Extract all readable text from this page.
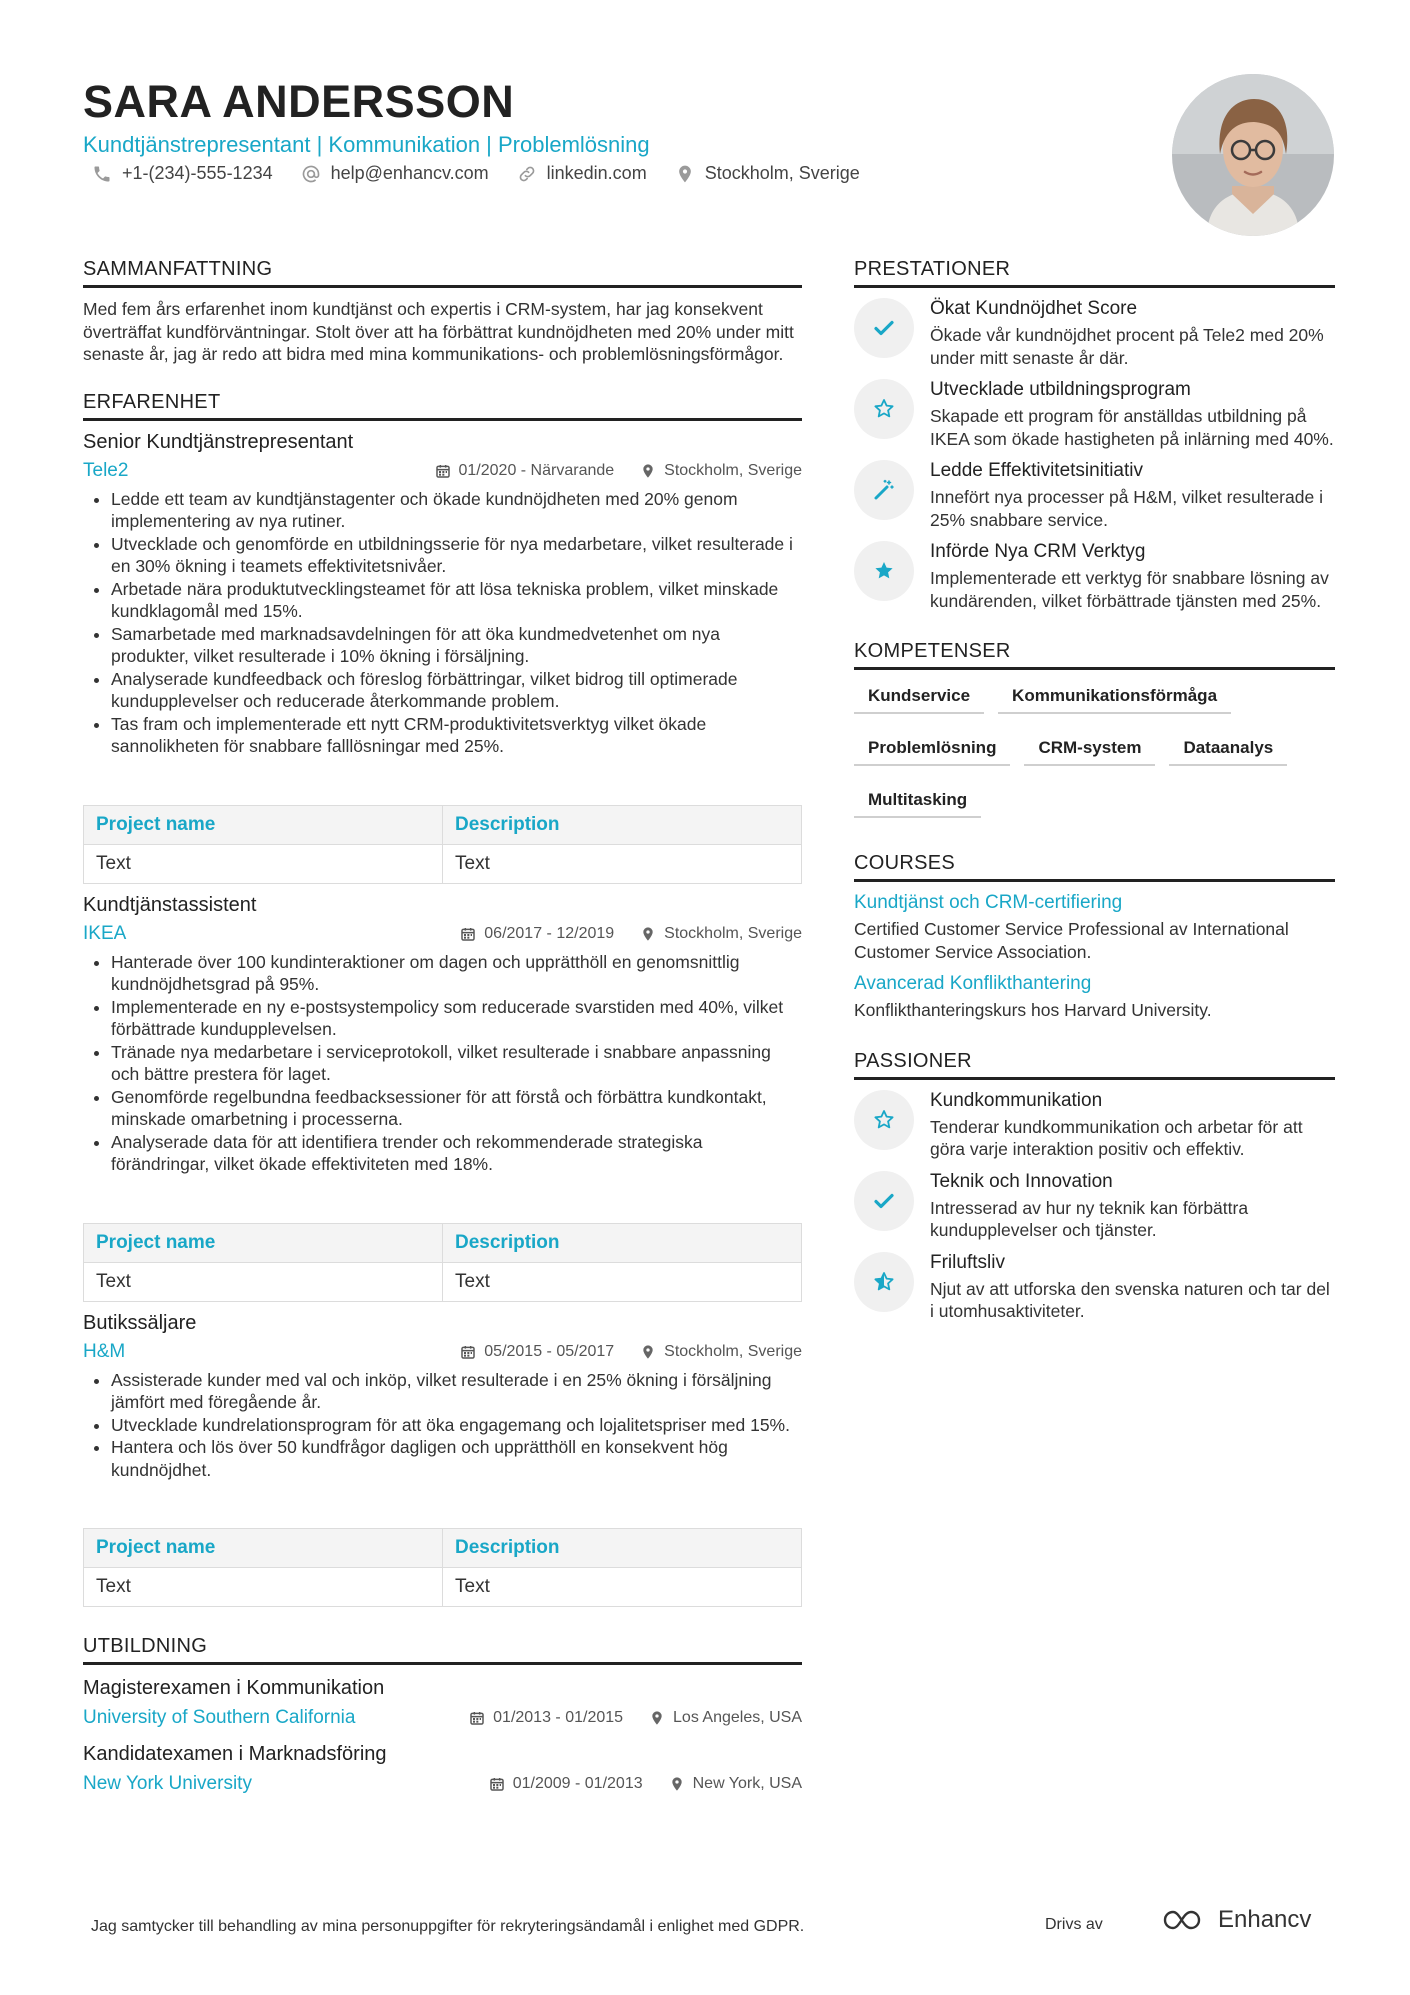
SARA ANDERSSON
Kundtjänstrepresentant | Kommunikation | Problemlösning
+1-(234)-555-1234	help@enhancv.com	linkedin.com	Stockholm, Sverige
SAMMANFATTNING
Med fem års erfarenhet inom kundtjänst och expertis i CRM-system, har jag konsekvent överträffat kundförväntningar. Stolt över att ha förbättrat kundnöjdheten med 20% under mitt senaste år, jag är redo att bidra med mina kommunikations- och problemlösningsförmågor.
ERFARENHET
Senior Kundtjänstrepresentant
Tele2	01/2020 - Närvarande	Stockholm, Sverige
• Ledde ett team av kundtjänstagenter och ökade kundnöjdheten med 20% genom implementering av nya rutiner.
• Utvecklade och genomförde en utbildningsserie för nya medarbetare, vilket resulterade i en 30% ökning i teamets effektivitetsnivåer.
• Arbetade nära produktutvecklingsteamet för att lösa tekniska problem, vilket minskade kundklagomål med 15%.
• Samarbetade med marknadsavdelningen för att öka kundmedvetenhet om nya produkter, vilket resulterade i 10% ökning i försäljning.
• Analyserade kundfeedback och föreslog förbättringar, vilket bidrog till optimerade kundupplevelser och reducerade återkommande problem.
• Tas fram och implementerade ett nytt CRM-produktivitetsverktyg vilket ökade sannolikheten för snabbare falllösningar med 25%.
Project name	Description
Text	Text
Kundtjänstassistent
IKEA	06/2017 - 12/2019	Stockholm, Sverige
• Hanterade över 100 kundinteraktioner om dagen och upprätthöll en genomsnittlig kundnöjdhetsgrad på 95%.
• Implementerade en ny e-postsystempolicy som reducerade svarstiden med 40%, vilket förbättrade kundupplevelsen.
• Tränade nya medarbetare i serviceprotokoll, vilket resulterade i snabbare anpassning och bättre prestera för laget.
• Genomförde regelbundna feedbacksessioner för att förstå och förbättra kundkontakt, minskade omarbetning i processerna.
• Analyserade data för att identifiera trender och rekommenderade strategiska förändringar, vilket ökade effektiviteten med 18%.
Project name	Description
Text	Text
Butikssäljare
H&M	05/2015 - 05/2017	Stockholm, Sverige
• Assisterade kunder med val och inköp, vilket resulterade i en 25% ökning i försäljning jämfört med föregående år.
• Utvecklade kundrelationsprogram för att öka engagemang och lojalitetspriser med 15%.
• Hantera och lös över 50 kundfrågor dagligen och upprätthöll en konsekvent hög kundnöjdhet.
Project name	Description
Text	Text
UTBILDNING
Magisterexamen i Kommunikation
University of Southern California	01/2013 - 01/2015	Los Angeles, USA
Kandidatexamen i Marknadsföring
New York University	01/2009 - 01/2013	New York, USA
PRESTATIONER
Ökat Kundnöjdhet Score
Ökade vår kundnöjdhet procent på Tele2 med 20% under mitt senaste år där.
Utvecklade utbildningsprogram
Skapade ett program för anställdas utbildning på IKEA som ökade hastigheten på inlärning med 40%.
Ledde Effektivitetsinitiativ
Innefört nya processer på H&M, vilket resulterade i 25% snabbare service.
Införde Nya CRM Verktyg
Implementerade ett verktyg för snabbare lösning av kundärenden, vilket förbättrade tjänsten med 25%.
KOMPETENSER
Kundservice	Kommunikationsförmåga
Problemlösning	CRM-system	Dataanalys
Multitasking
COURSES
Kundtjänst och CRM-certifiering
Certified Customer Service Professional av International Customer Service Association.
Avancerad Konflikthantering
Konflikthanteringskurs hos Harvard University.
PASSIONER
Kundkommunikation
Tenderar kundkommunikation och arbetar för att göra varje interaktion positiv och effektiv.
Teknik och Innovation
Intresserad av hur ny teknik kan förbättra kundupplevelser och tjänster.
Friluftsliv
Njut av att utforska den svenska naturen och tar del i utomhusaktiviteter.
Jag samtycker till behandling av mina personuppgifter för rekryteringsändamål i enlighet med GDPR.	Drivs av	Enhancv
